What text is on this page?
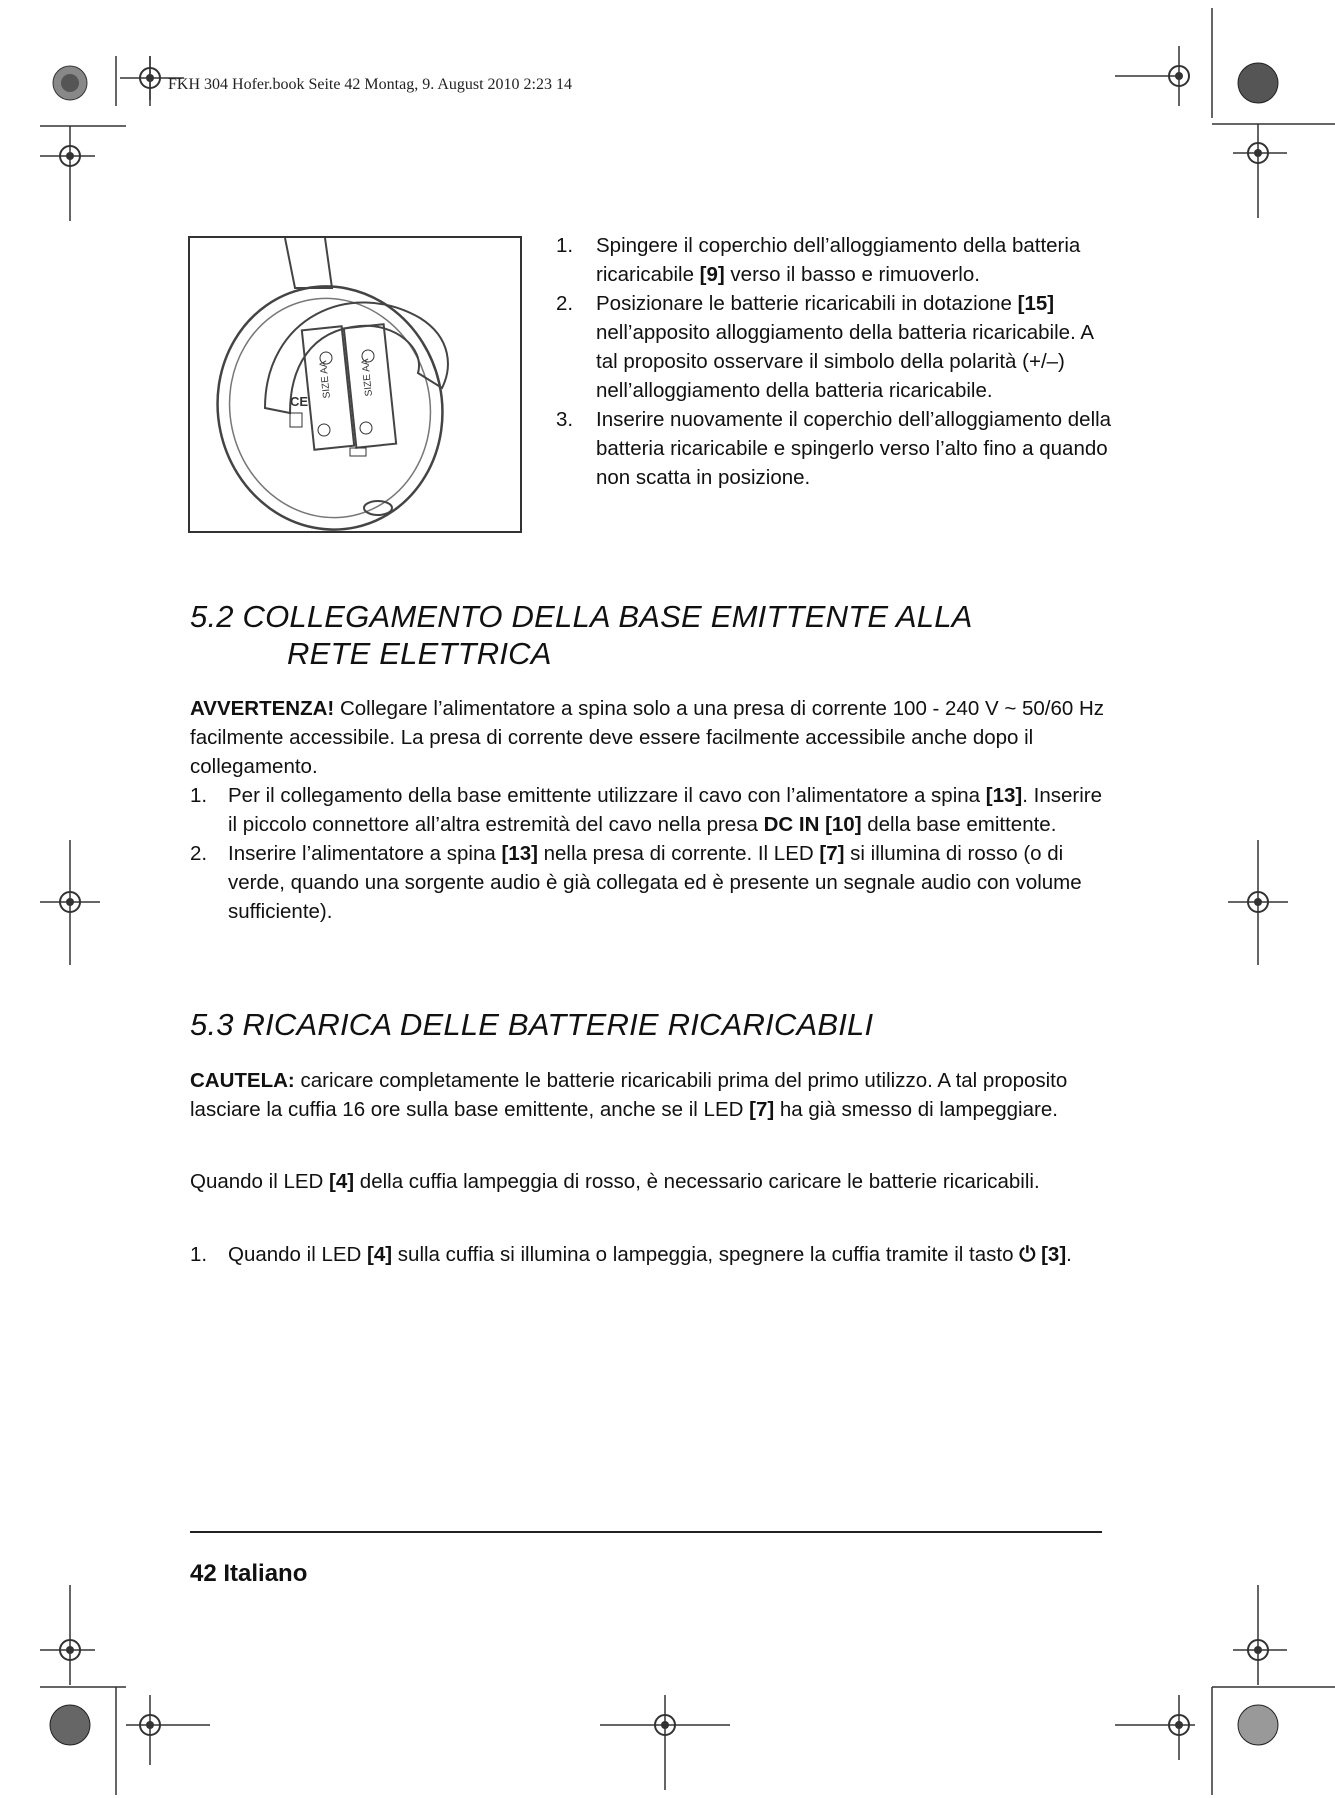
FKH 304 Hofer.book Seite 42 Montag, 9. August 2010 2:23 14
SIZE AA	SIZE AA
CE

1. Spingere il coperchio dell’alloggiamento della batteria ricaricabile [9] verso il basso e rimuoverlo.

2. Posizionare le batterie ricaricabili in dotazione [15] nell’apposito alloggiamento della batteria ricaricabile. A tal proposito osservare il simbolo della polarità (+/–) nell’alloggiamento della batteria ricaricabile.

3. Inserire nuovamente il coperchio dell’alloggiamento della batteria ricaricabile e spingerlo verso l’alto fino a quando non scatta in posizione.

5.2 COLLEGAMENTO DELLA BASE EMITTENTE ALLA
RETE ELETTRICA
AVVERTENZA! Collegare l’alimentatore a spina solo a una presa di corrente 100 - 240 V ~ 50/60 Hz facilmente accessibile. La presa di corrente deve essere facilmente accessibile anche dopo il collegamento.
1. Per il collegamento della base emittente utilizzare il cavo con l’alimentatore a spina [13]. Inserire il piccolo connettore all’altra estremità del cavo nella presa DC IN [10] della base emittente.
2. Inserire l’alimentatore a spina [13] nella presa di corrente. Il LED [7] si illumina di rosso (o di verde, quando una sorgente audio è già collegata ed è presente un segnale audio con volume sufficiente).
5.3 RICARICA DELLE BATTERIE RICARICABILI
CAUTELA: caricare completamente le batterie ricaricabili prima del primo utilizzo. A tal proposito lasciare la cuffia 16 ore sulla base emittente, anche se il LED [7] ha già smesso di lampeggiare.
Quando il LED [4] della cuffia lampeggia di rosso, è necessario caricare le batterie ricaricabili.
1. Quando il LED [4] sulla cuffia si illumina o lampeggia, spegnere la cuffia tramite il tasto ⏻ [3].
42 Italiano
